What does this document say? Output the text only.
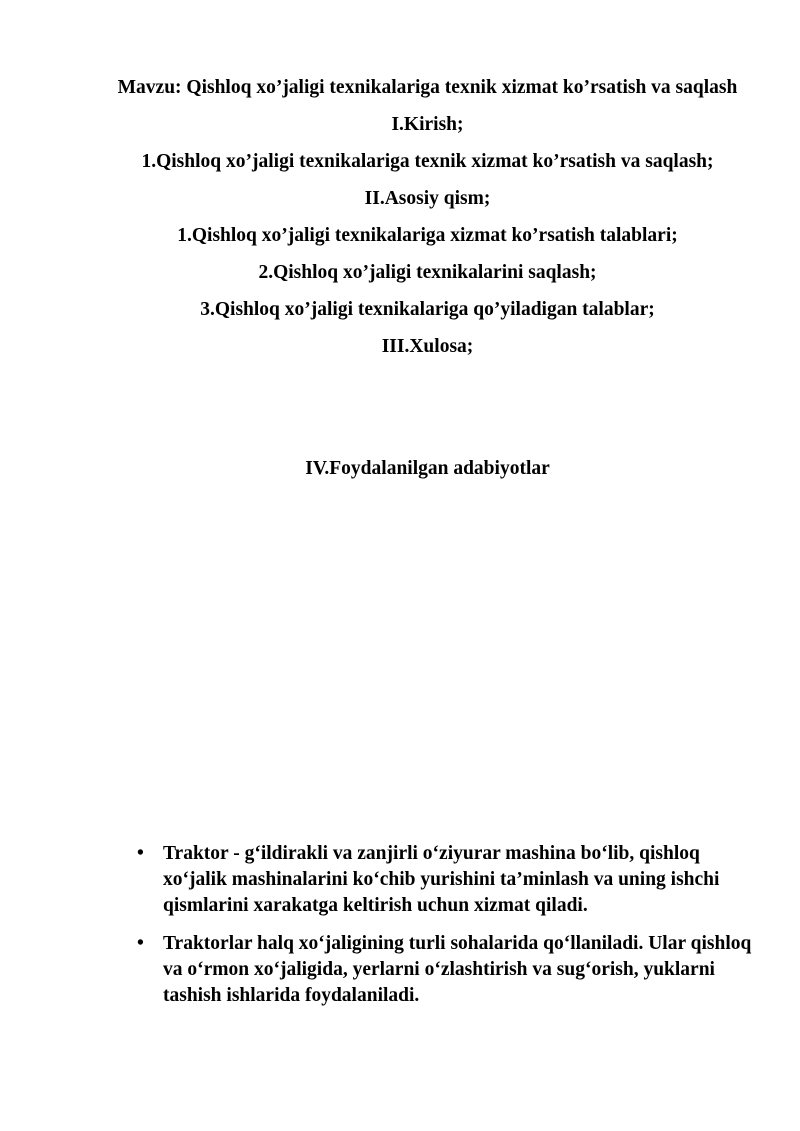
Mavzu: Qishloq xo’jaligi texnikalariga texnik xizmat ko’rsatish va saqlash

I.Kirish;

1.Qishloq xo’jaligi texnikalariga texnik xizmat ko’rsatish va saqlash;

II.Asosiy qism;

1.Qishloq xo’jaligi texnikalariga xizmat ko’rsatish talablari;

2.Qishloq xo’jaligi texnikalarini saqlash;

3.Qishloq xo’jaligi texnikalariga qo’yiladigan talablar;

III.Xulosa;

IV.Foydalanilgan adabiyotlar

• Traktor - g‘ildirakli va zanjirli o‘ziyurar mashina bo‘lib, qishloq xo‘jalik mashinalarini ko‘chib yurishini ta’minlash va uning ishchi qismlarini xarakatga keltirish uchun xizmat qiladi.
• Traktorlar halq xo‘jaligining turli sohalarida qo‘llaniladi. Ular qishloq va o‘rmon xo‘jaligida, yerlarni o‘zlashtirish va sug‘orish, yuklarni tashish ishlarida foydalaniladi.
